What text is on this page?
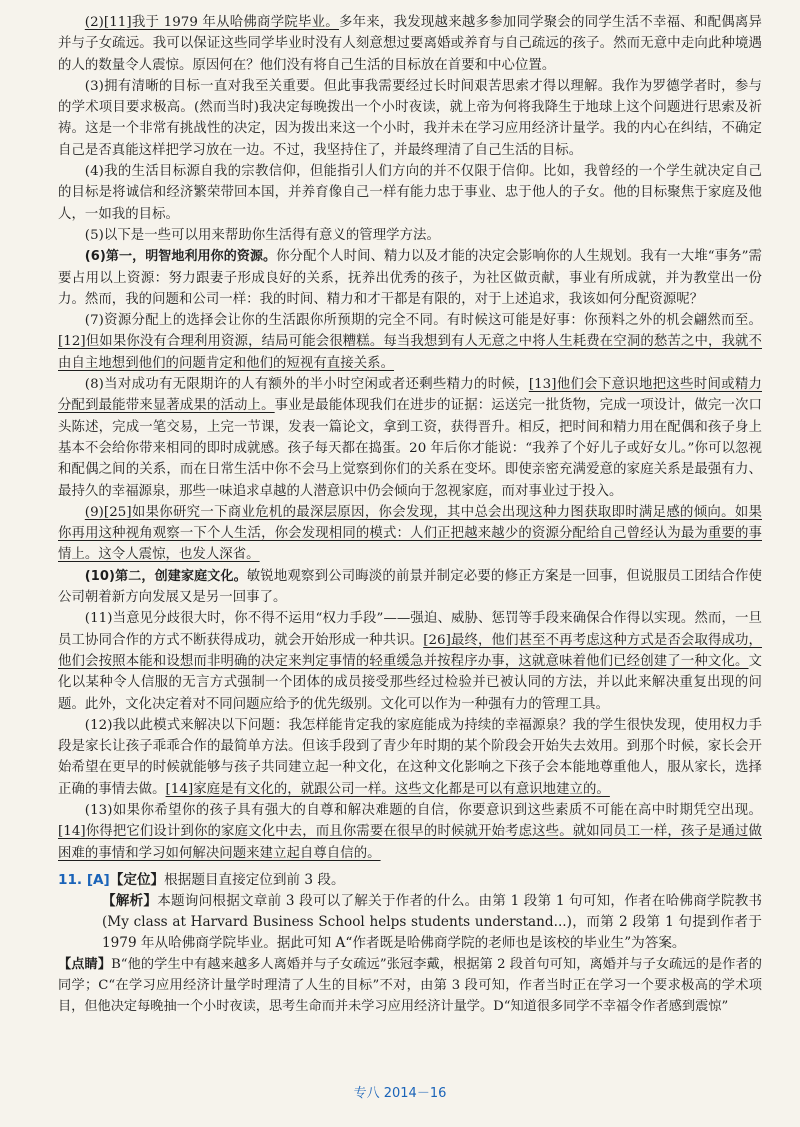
(2)[11]我于 1979 年从哈佛商学院毕业。多年来，我发现越来越多参加同学聚会的同学生活不幸福、和配偶离异并与子女疏远。我可以保证这些同学毕业时没有人刻意想过要离婚或养育与自己疏远的孩子。然而无意中走向此种境遇的人的数量令人震惊。原因何在？他们没有将自己生活的目标放在首要和中心位置。

(3)拥有清晰的目标一直对我至关重要。但此事我需要经过长时间艰苦思索才得以理解。我作为罗德学者时，参与的学术项目要求极高。(然而当时)我决定每晚拨出一个小时夜读，就上帝为何将我降生于地球上这个问题进行思索及祈祷。这是一个非常有挑战性的决定，因为拨出来这一个小时，我并未在学习应用经济计量学。我的内心在纠结，不确定自己是否真能这样把学习放在一边。不过，我坚持住了，并最终理清了自己生活的目标。

(4)我的生活目标源自我的宗教信仰，但能指引人们方向的并不仅限于信仰。比如，我曾经的一个学生就决定自己的目标是将诚信和经济繁荣带回本国，并养育像自己一样有能力忠于事业、忠于他人的子女。他的目标聚焦于家庭及他人，一如我的目标。

(5)以下是一些可以用来帮助你生活得有意义的管理学方法。

(6)第一，明智地利用你的资源。你分配个人时间、精力以及才能的决定会影响你的人生规划。我有一大堆“事务”需要占用以上资源：努力跟妻子形成良好的关系，抚养出优秀的孩子，为社区做贡献，事业有所成就，并为教堂出一份力。然而，我的问题和公司一样：我的时间、精力和才干都是有限的，对于上述追求，我该如何分配资源呢？

(7)资源分配上的选择会让你的生活跟你所预期的完全不同。有时候这可能是好事：你预料之外的机会翩然而至。[12]但如果你没有合理利用资源，结局可能会很糟糕。每当我想到有人无意之中将人生耗费在空洞的愁苦之中，我就不由自主地想到他们的问题肯定和他们的短视有直接关系。

(8)当对成功有无限期许的人有额外的半小时空闲或者还剩些精力的时候，[13]他们会下意识地把这些时间或精力分配到最能带来显著成果的活动上。事业是最能体现我们在进步的证据：运送完一批货物，完成一项设计，做完一次口头陈述，完成一笔交易，上完一节课，发表一篇论文，拿到工资，获得晋升。相反，把时间和精力用在配偶和孩子身上基本不会给你带来相同的即时成就感。孩子每天都在捣蛋。20 年后你才能说：“我养了个好儿子或好女儿。”你可以忽视和配偶之间的关系，而在日常生活中你不会马上觉察到你们的关系在变坏。即使亲密充满爱意的家庭关系是最强有力、最持久的幸福源泉，那些一味追求卓越的人潜意识中仍会倾向于忽视家庭，而对事业过于投入。

(9)[25]如果你研究一下商业危机的最深层原因，你会发现，其中总会出现这种力图获取即时满足感的倾向。如果你再用这种视角观察一下个人生活，你会发现相同的模式：人们正把越来越少的资源分配给自己曾经认为最为重要的事情上。这令人震惊，也发人深省。

(10)第二，创建家庭文化。敏锐地观察到公司晦淡的前景并制定必要的修正方案是一回事，但说服员工团结合作使公司朝着新方向发展又是另一回事了。

(11)当意见分歧很大时，你不得不运用“权力手段”——强迫、威胁、惩罚等手段来确保合作得以实现。然而，一旦员工协同合作的方式不断获得成功，就会开始形成一种共识。[26]最终，他们甚至不再考虑这种方式是否会取得成功，他们会按照本能和设想而非明确的决定来判定事情的轻重缓急并按程序办事，这就意味着他们已经创建了一种文化。文化以某种令人信服的无言方式强制一个团体的成员接受那些经过检验并已被认同的方法，并以此来解决重复出现的问题。此外，文化决定着对不同问题应给予的优先级别。文化可以作为一种强有力的管理工具。

(12)我以此模式来解决以下问题：我怎样能肯定我的家庭能成为持续的幸福源泉？我的学生很快发现，使用权力手段是家长让孩子乖乖合作的最简单方法。但该手段到了青少年时期的某个阶段会开始失去效用。到那个时候，家长会开始希望在更早的时候就能够与孩子共同建立起一种文化，在这种文化影响之下孩子会本能地尊重他人，服从家长，选择正确的事情去做。[14]家庭是有文化的，就跟公司一样。这些文化都是可以有意识地建立的。

(13)如果你希望你的孩子具有强大的自尊和解决难题的自信，你要意识到这些素质不可能在高中时期凭空出现。[14]你得把它们设计到你的家庭文化中去，而且你需要在很早的时候就开始考虑这些。就如同员工一样，孩子是通过做困难的事情和学习如何解决问题来建立起自尊自信的。

11. [A]【定位】根据题目直接定位到前 3 段。

【解析】本题询问根据文章前 3 段可以了解关于作者的什么。由第 1 段第 1 句可知，作者在哈佛商学院教书(My class at Harvard Business School helps students understand...)，而第 2 段第 1 句提到作者于 1979 年从哈佛商学院毕业。据此可知 A“作者既是哈佛商学院的老师也是该校的毕业生”为答案。

【点睛】B“他的学生中有越来越多人离婚并与子女疏远”张冠李戴，根据第 2 段首句可知，离婚并与子女疏远的是作者的同学；C“在学习应用经济计量学时理清了人生的目标”不对，由第 3 段可知，作者当时正在学习一个要求极高的学术项目，但他决定每晚抽一个小时夜读，思考生命而并未学习应用经济计量学。D“知道很多同学不幸福令作者感到震惊”

专八 2014－16
